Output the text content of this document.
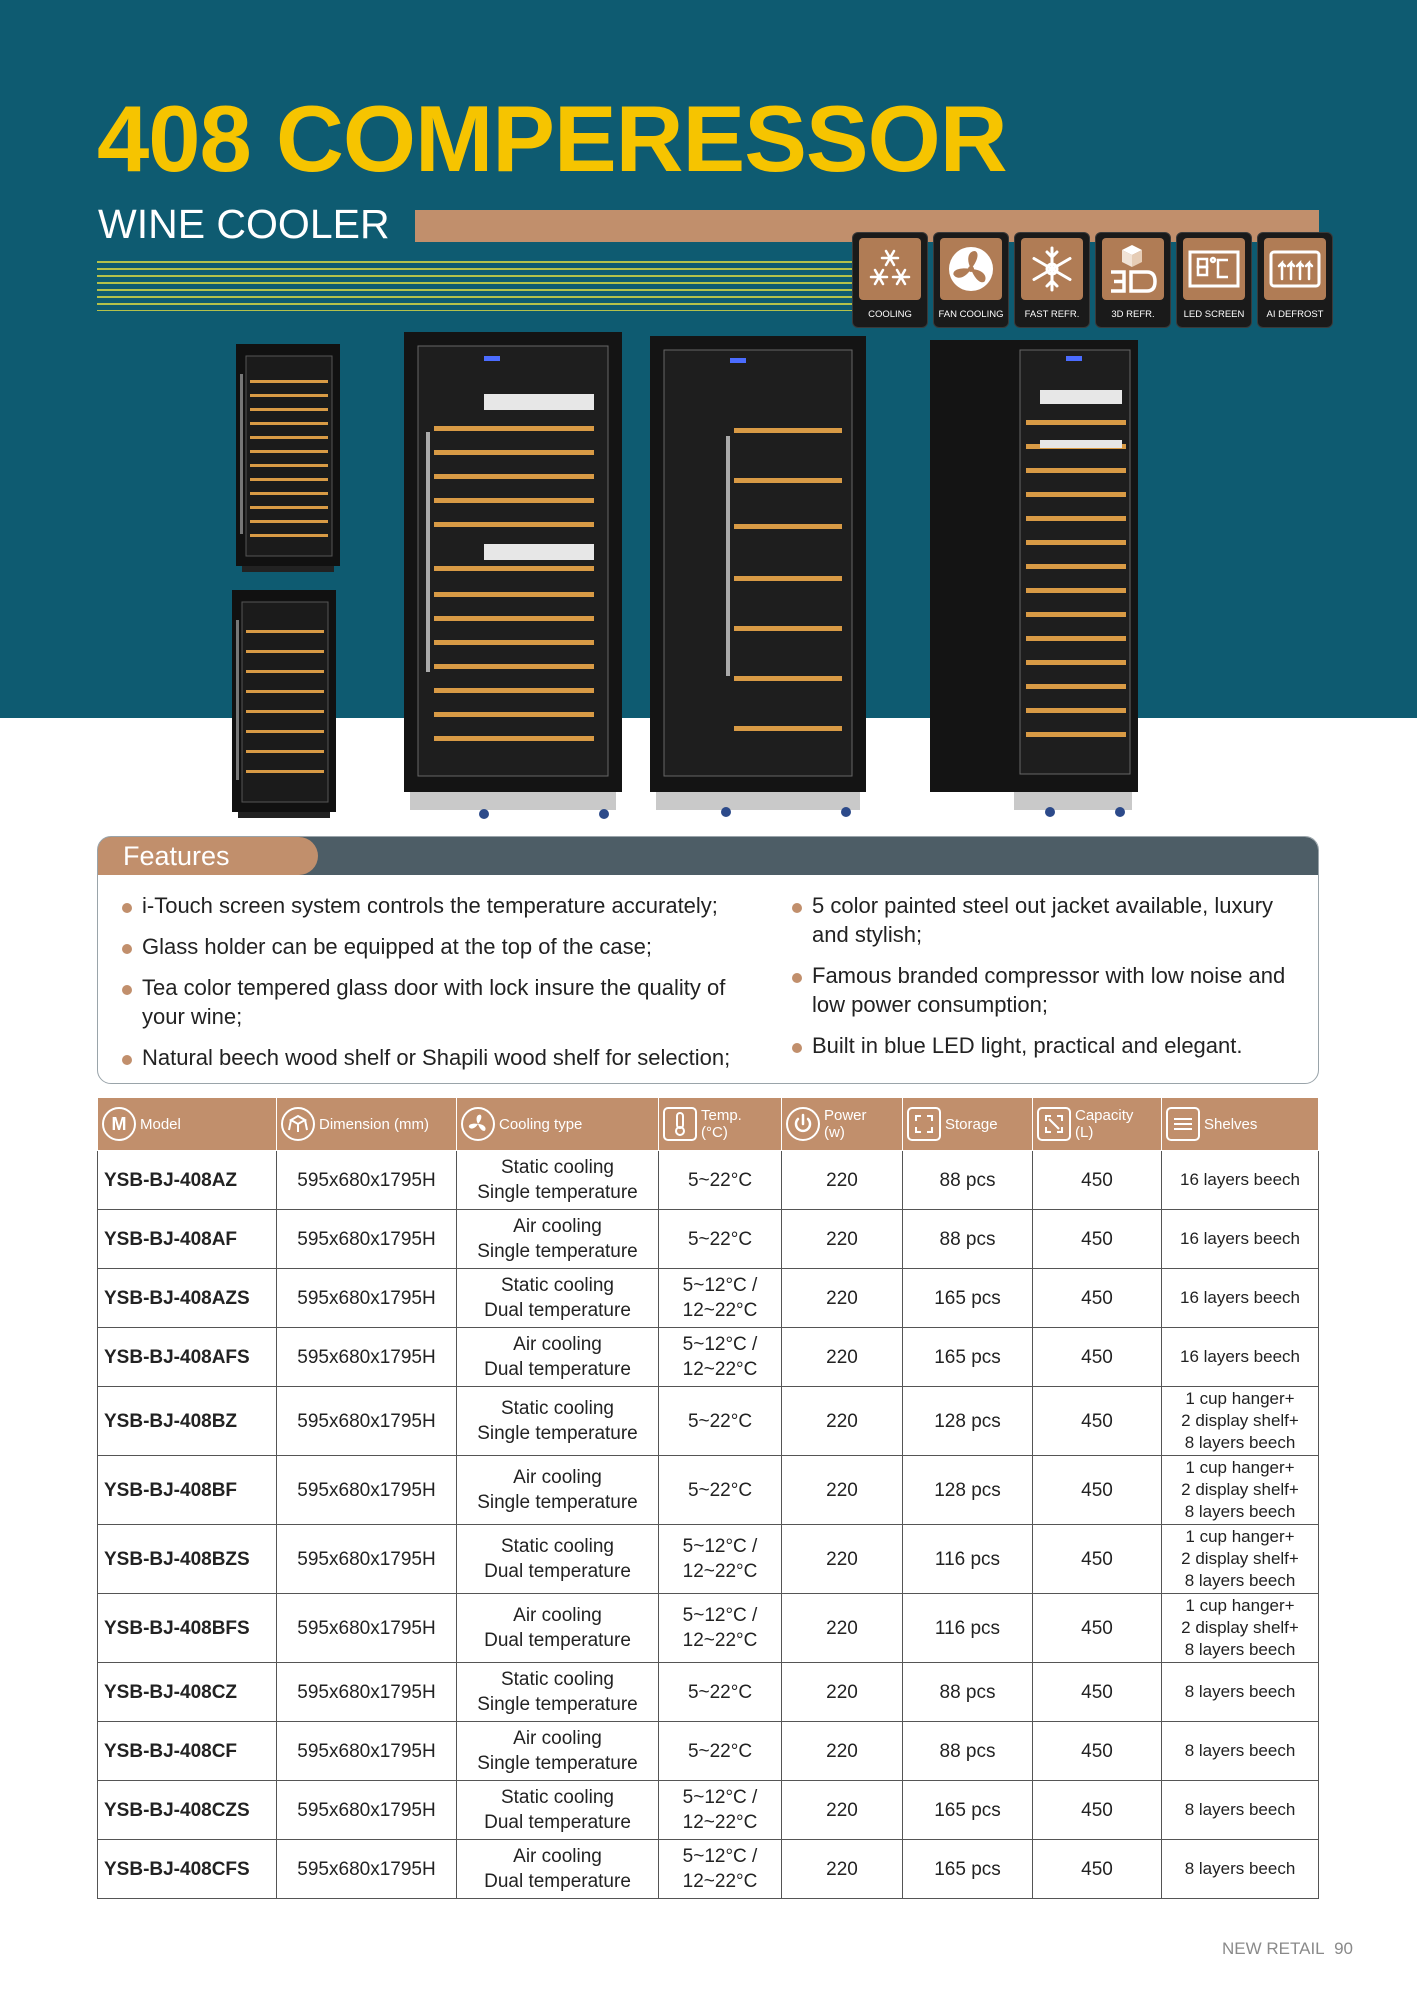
408 COMPERESSOR
WINE COOLER
COOLING	FAN COOLING FAST REFR.	3D REFR.	LED SCREEN AI DEFROST
Features
i-Touch screen system controls the temperature accurately;
Glass holder can be equipped at the top of the case;
Tea color tempered glass door with lock insure the quality of your wine;
Natural beech wood shelf or Shapili wood shelf for selection;
5 color painted steel out jacket available, luxury and stylish;
Famous branded compressor with low noise and low power consumption;
Built in blue LED light, practical and elegant.
M Model	Dimension (mm)	Cooling type	Temp.
(°C)	Power
(w)	Storage	Capacity
(L)	Shelves

YSB-BJ-408AZ	595x680x1795H	Static cooling
Single temperature	5~22°C	220	88 pcs	450	16 layers beech
YSB-BJ-408AF	595x680x1795H	Air cooling
Single temperature	5~22°C	220	88 pcs	450	16 layers beech
YSB-BJ-408AZS	595x680x1795H	Static cooling
Dual temperature	5~12°C /
12~22°C	220	165 pcs	450	16 layers beech
YSB-BJ-408AFS	595x680x1795H	Air cooling
Dual temperature	5~12°C /
12~22°C	220	165 pcs	450	16 layers beech
YSB-BJ-408BZ	595x680x1795H	Static cooling
Single temperature	5~22°C	220	128 pcs	450	1 cup hanger+
2 display shelf+
8 layers beech
YSB-BJ-408BF	595x680x1795H	Air cooling
Single temperature	5~22°C	220	128 pcs	450	1 cup hanger+
2 display shelf+
8 layers beech
YSB-BJ-408BZS	595x680x1795H	Static cooling
Dual temperature	5~12°C /
12~22°C	220	116 pcs	450	1 cup hanger+
2 display shelf+
8 layers beech
YSB-BJ-408BFS	595x680x1795H	Air cooling
Dual temperature	5~12°C /
12~22°C	220	116 pcs	450	1 cup hanger+
2 display shelf+
8 layers beech
YSB-BJ-408CZ	595x680x1795H	Static cooling
Single temperature	5~22°C	220	88 pcs	450	8 layers beech
YSB-BJ-408CF	595x680x1795H	Air cooling
Single temperature	5~22°C	220	88 pcs	450	8 layers beech
YSB-BJ-408CZS	595x680x1795H	Static cooling
Dual temperature	5~12°C /
12~22°C	220	165 pcs	450	8 layers beech
YSB-BJ-408CFS	595x680x1795H	Air cooling
Dual temperature	5~12°C /
12~22°C	220	165 pcs	450	8 layers beech
NEW RETAIL 90
